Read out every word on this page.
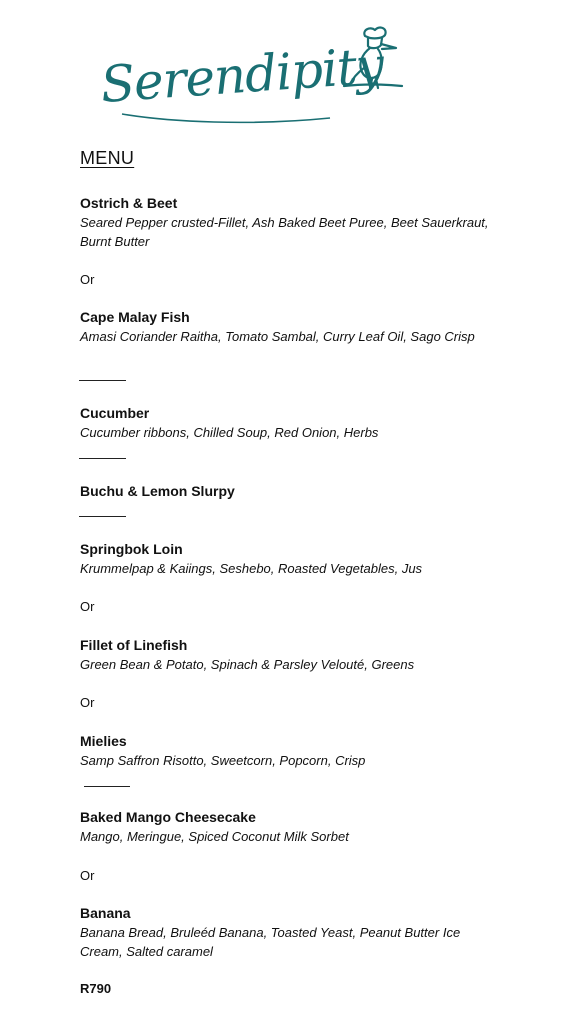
Serendipity
MENU
Ostrich & Beet
Seared Pepper crusted-Fillet, Ash Baked Beet Puree, Beet Sauerkraut, Burnt Butter
Or
Cape Malay Fish
Amasi Coriander Raitha, Tomato Sambal, Curry Leaf Oil, Sago Crisp
Cucumber
Cucumber ribbons, Chilled Soup, Red Onion, Herbs
Buchu & Lemon Slurpy
Springbok Loin
Krummelpap & Kaiings, Seshebo, Roasted Vegetables, Jus
Or
Fillet of Linefish
Green Bean & Potato, Spinach & Parsley Velouté, Greens
Or
Mielies
Samp Saffron Risotto, Sweetcorn, Popcorn, Crisp
Baked Mango Cheesecake
Mango, Meringue, Spiced Coconut Milk Sorbet
Or
Banana
Banana Bread, Bruleéd Banana, Toasted Yeast, Peanut Butter Ice Cream, Salted caramel
R790
